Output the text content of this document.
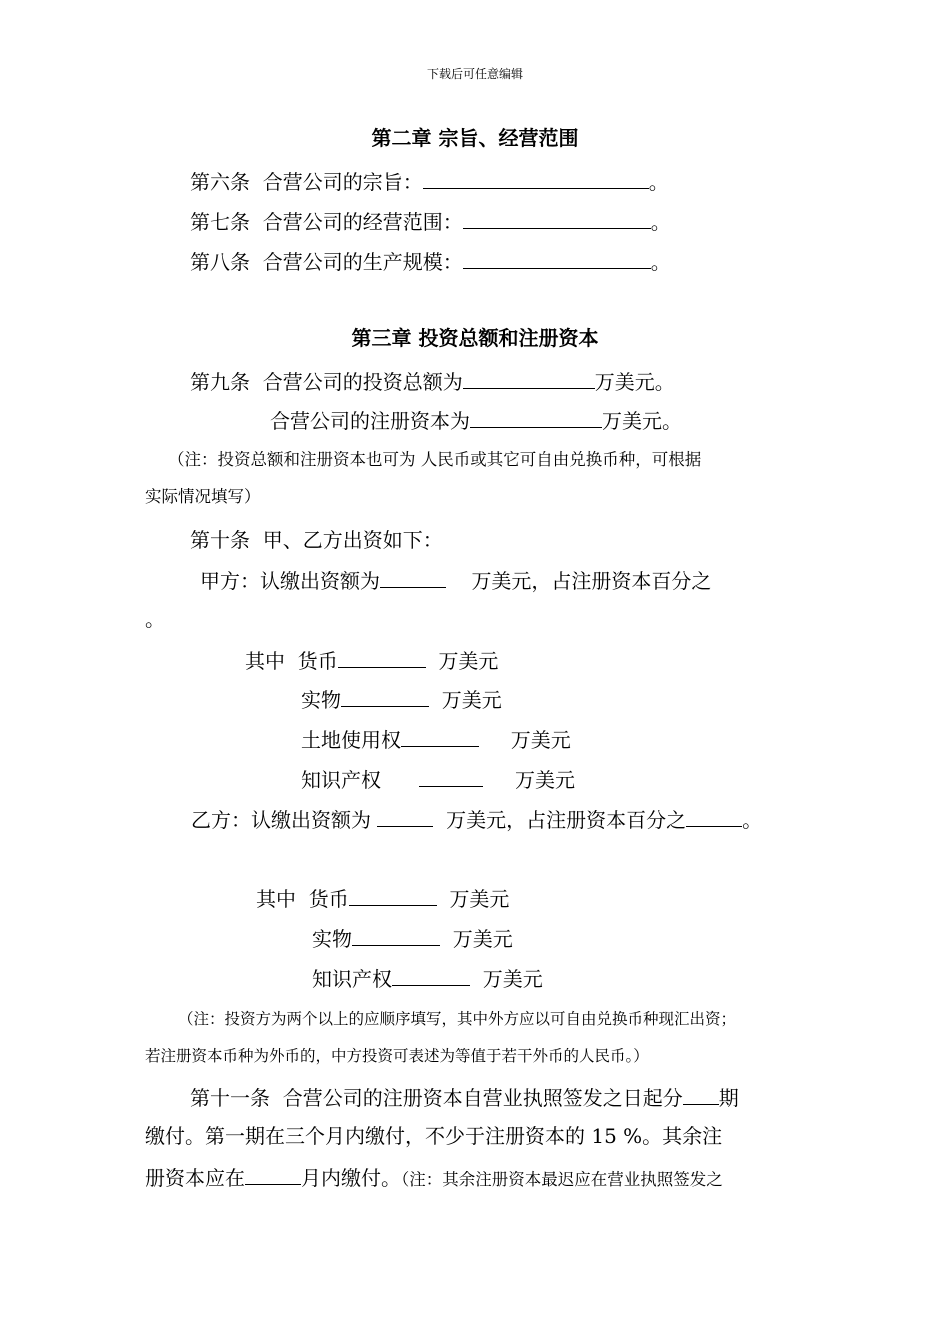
下载后可任意编辑
第二章 宗旨、经营范围
第六条 合营公司的宗旨：	。
第七条 合营公司的经营范围：	。
第八条 合营公司的生产规模：	。
第三章 投资总额和注册资本
第九条 合营公司的投资总额为	万美元。
合营公司的注册资本为	万美元。
（注：投资总额和注册资本也可为 人民币或其它可自由兑换币种，可根据
实际情况填写）
第十条 甲、乙方出资如下：
甲方：认缴出资额为	万美元，占注册资本百分之
。
其中 货币	万美元
实物	万美元
土地使用权	万美元
知识产权	万美元
乙方：认缴出资额为	万美元，占注册资本百分之	。
其中 货币	万美元
实物	万美元
知识产权	万美元
（注：投资方为两个以上的应顺序填写，其中外方应以可自由兑换币种现汇出资；
若注册资本币种为外币的，中方投资可表述为等值于若干外币的人民币。）
第十一条 合营公司的注册资本自营业执照签发之日起分 期
缴付。第一期在三个月内缴付，不少于注册资本的 15 %。其余注
册资本应在	月内缴付。（注：其余注册资本最迟应在营业执照签发之
